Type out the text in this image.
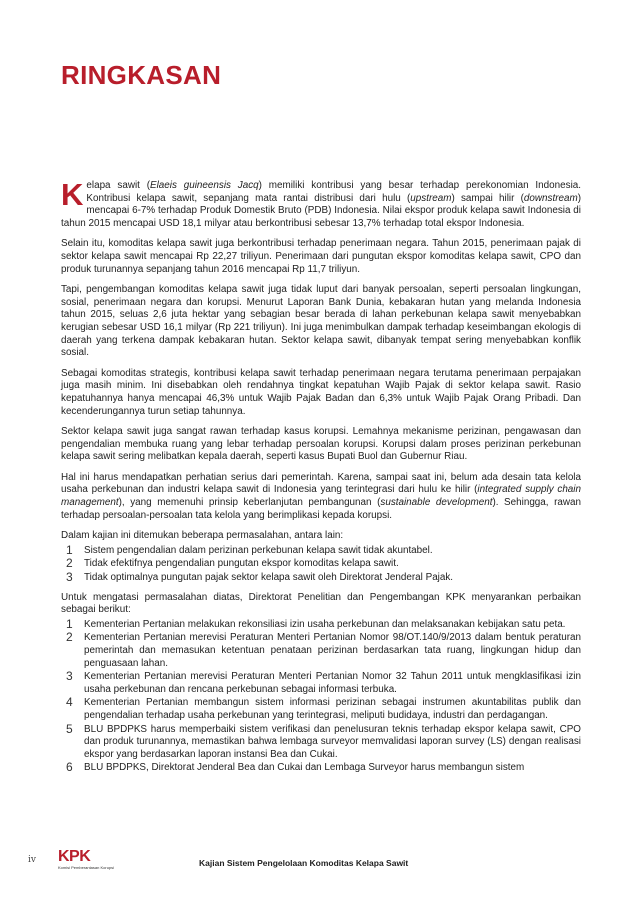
RINGKASAN

Kelapa sawit (Elaeis guineensis Jacq) memiliki kontribusi yang besar terhadap perekonomian Indonesia. Kontribusi kelapa sawit, sepanjang mata rantai distribusi dari hulu (upstream) sampai hilir (downstream) mencapai 6-7% terhadap Produk Domestik Bruto (PDB) Indonesia. Nilai ekspor produk kelapa sawit Indonesia di tahun 2015 mencapai USD 18,1 milyar atau berkontribusi sebesar 13,7% terhadap total ekspor Indonesia.

Selain itu, komoditas kelapa sawit juga berkontribusi terhadap penerimaan negara. Tahun 2015, penerimaan pajak di sektor kelapa sawit mencapai Rp 22,27 triliyun. Penerimaan dari pungutan ekspor komoditas kelapa sawit, CPO dan produk turunannya sepanjang tahun 2016 mencapai Rp 11,7 triliyun.

Tapi, pengembangan komoditas kelapa sawit juga tidak luput dari banyak persoalan, seperti persoalan lingkungan, sosial, penerimaan negara dan korupsi. Menurut Laporan Bank Dunia, kebakaran hutan yang melanda Indonesia tahun 2015, seluas 2,6 juta hektar yang sebagian besar berada di lahan perkebunan kelapa sawit menyebabkan kerugian sebesar USD 16,1 milyar (Rp 221 triliyun). Ini juga menimbulkan dampak terhadap keseimbangan ekologis di daerah yang terkena dampak kebakaran hutan. Sektor kelapa sawit, dibanyak tempat sering menyebabkan konflik sosial.

Sebagai komoditas strategis, kontribusi kelapa sawit terhadap penerimaan negara terutama penerimaan perpajakan juga masih minim. Ini disebabkan oleh rendahnya tingkat kepatuhan Wajib Pajak di sektor kelapa sawit. Rasio kepatuhannya hanya mencapai 46,3% untuk Wajib Pajak Badan dan 6,3% untuk Wajib Pajak Orang Pribadi. Dan kecenderungannya turun setiap tahunnya.

Sektor kelapa sawit juga sangat rawan terhadap kasus korupsi. Lemahnya mekanisme perizinan, pengawasan dan pengendalian membuka ruang yang lebar terhadap persoalan korupsi. Korupsi dalam proses perizinan perkebunan kelapa sawit sering melibatkan kepala daerah, seperti kasus Bupati Buol dan Gubernur Riau.

Hal ini harus mendapatkan perhatian serius dari pemerintah. Karena, sampai saat ini, belum ada desain tata kelola usaha perkebunan dan industri kelapa sawit di Indonesia yang terintegrasi dari hulu ke hilir (integrated supply chain management), yang memenuhi prinsip keberlanjutan pembangunan (sustainable development). Sehingga, rawan terhadap persoalan-persoalan tata kelola yang berimplikasi kepada korupsi.

Dalam kajian ini ditemukan beberapa permasalahan, antara lain:

1 Sistem pengendalian dalam perizinan perkebunan kelapa sawit tidak akuntabel.
2 Tidak efektifnya pengendalian pungutan ekspor komoditas kelapa sawit.
3 Tidak optimalnya pungutan pajak sektor kelapa sawit oleh Direktorat Jenderal Pajak.

Untuk mengatasi permasalahan diatas, Direktorat Penelitian dan Pengembangan KPK menyarankan perbaikan sebagai berikut:

1 Kementerian Pertanian melakukan rekonsiliasi izin usaha perkebunan dan melaksanakan kebijakan satu peta.
2 Kementerian Pertanian merevisi Peraturan Menteri Pertanian Nomor 98/OT.140/9/2013 dalam bentuk peraturan pemerintah dan memasukan ketentuan penataan perizinan berdasarkan tata ruang, lingkungan hidup dan penguasaan lahan.
3 Kementerian Pertanian merevisi Peraturan Menteri Pertanian Nomor 32 Tahun 2011 untuk mengklasifikasi izin usaha perkebunan dan rencana perkebunan sebagai informasi terbuka.
4 Kementerian Pertanian membangun sistem informasi perizinan sebagai instrumen akuntabilitas publik dan pengendalian terhadap usaha perkebunan yang terintegrasi, meliputi budidaya, industri dan perdagangan.
5 BLU BPDPKS harus memperbaiki sistem verifikasi dan penelusuran teknis terhadap ekspor kelapa sawit, CPO dan produk turunannya, memastikan bahwa lembaga surveyor memvalidasi laporan survey (LS) dengan realisasi ekspor yang berdasarkan laporan instansi Bea dan Cukai.
6 BLU BPDPKS, Direktorat Jenderal Bea dan Cukai dan Lembaga Surveyor harus membangun sistem
iv KPK
Komisi Pemberantasan Korupsi	Kajian Sistem Pengelolaan Komoditas Kelapa Sawit
